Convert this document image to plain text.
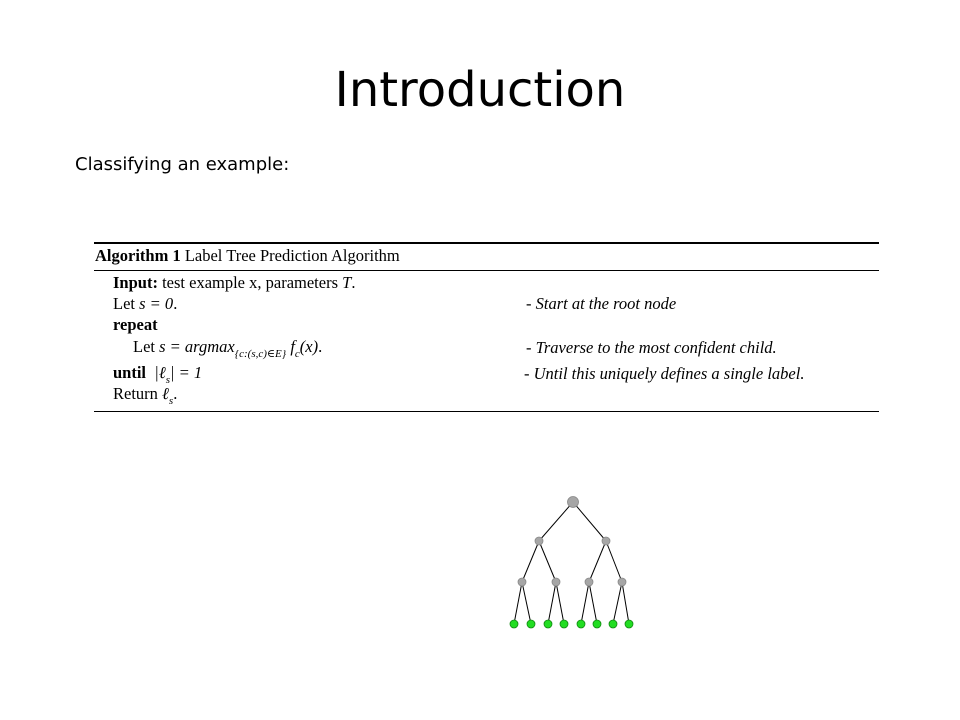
Introduction
Classifying an example:
Algorithm 1 Label Tree Prediction Algorithm
Input: test example x, parameters T.
Let s = 0.	- Start at the root node
repeat
Let s = argmax$_{\{c:(s,c)\in E\}}$ $f_c(x)$.	- Traverse to the most confident child.
until |ℓ$_s$| = 1	- Until this uniquely defines a single label.
Return ℓ$_s$.
